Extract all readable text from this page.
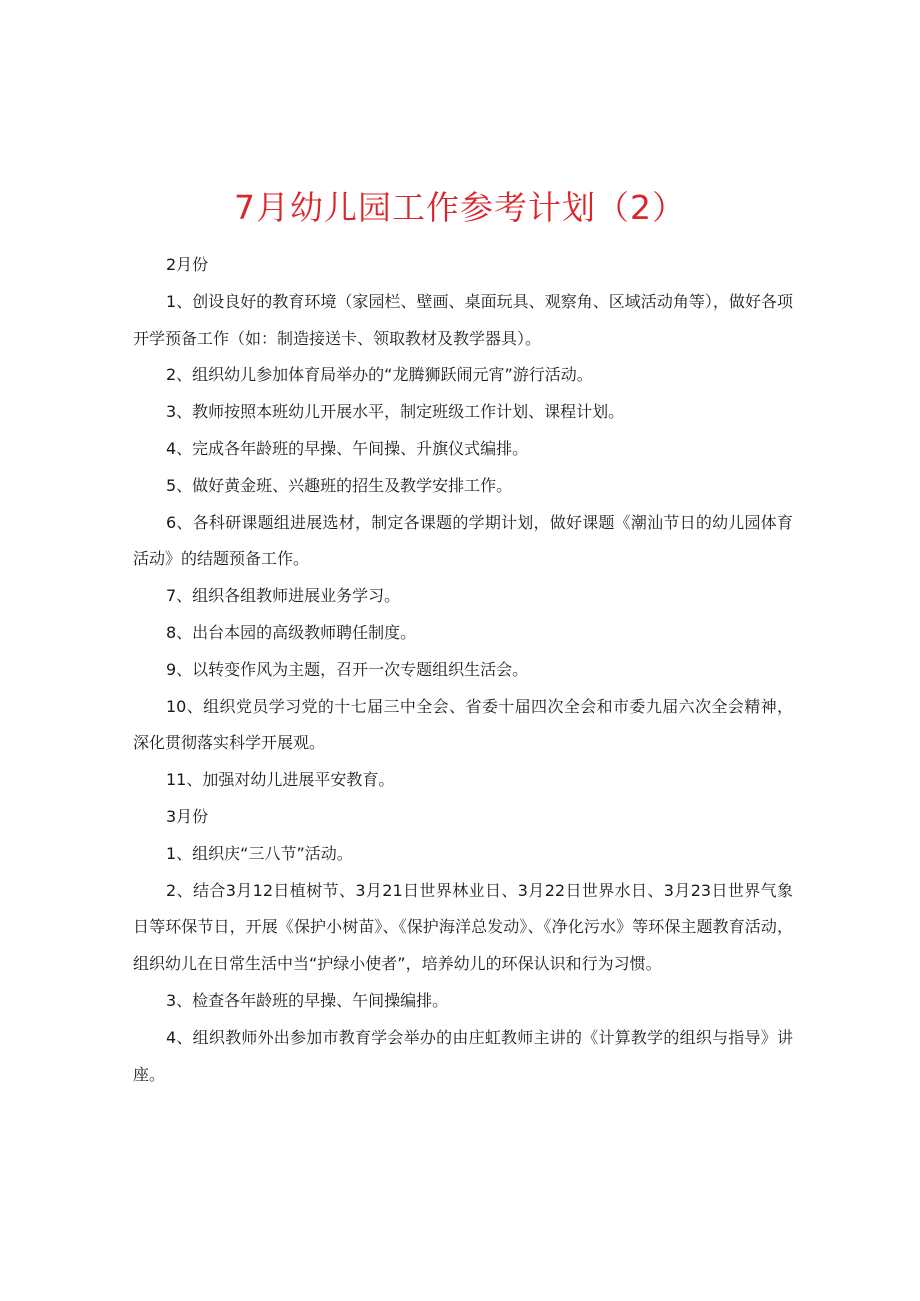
7月幼儿园工作参考计划（2）

2月份

1、创设良好的教育环境（家园栏、壁画、桌面玩具、观察角、区域活动角等），做好各项开学预备工作（如：制造接送卡、领取教材及教学器具）。

2、组织幼儿参加体育局举办的“龙腾狮跃闹元宵”游行活动。

3、教师按照本班幼儿开展水平，制定班级工作计划、课程计划。

4、完成各年龄班的早操、午间操、升旗仪式编排。

5、做好黄金班、兴趣班的招生及教学安排工作。

6、各科研课题组进展选材，制定各课题的学期计划，做好课题《潮汕节日的幼儿园体育活动》的结题预备工作。

7、组织各组教师进展业务学习。

8、出台本园的高级教师聘任制度。

9、以转变作风为主题，召开一次专题组织生活会。

10、组织党员学习党的十七届三中全会、省委十届四次全会和市委九届六次全会精神，深化贯彻落实科学开展观。

11、加强对幼儿进展平安教育。

3月份

1、组织庆“三八节”活动。

2、结合3月12日植树节、3月21日世界林业日、3月22日世界水日、3月23日世界气象日等环保节日，开展《保护小树苗》、《保护海洋总发动》、《净化污水》等环保主题教育活动，组织幼儿在日常生活中当“护绿小使者”，培养幼儿的环保认识和行为习惯。

3、检查各年龄班的早操、午间操编排。

4、组织教师外出参加市教育学会举办的由庄虹教师主讲的《计算教学的组织与指导》讲座。
